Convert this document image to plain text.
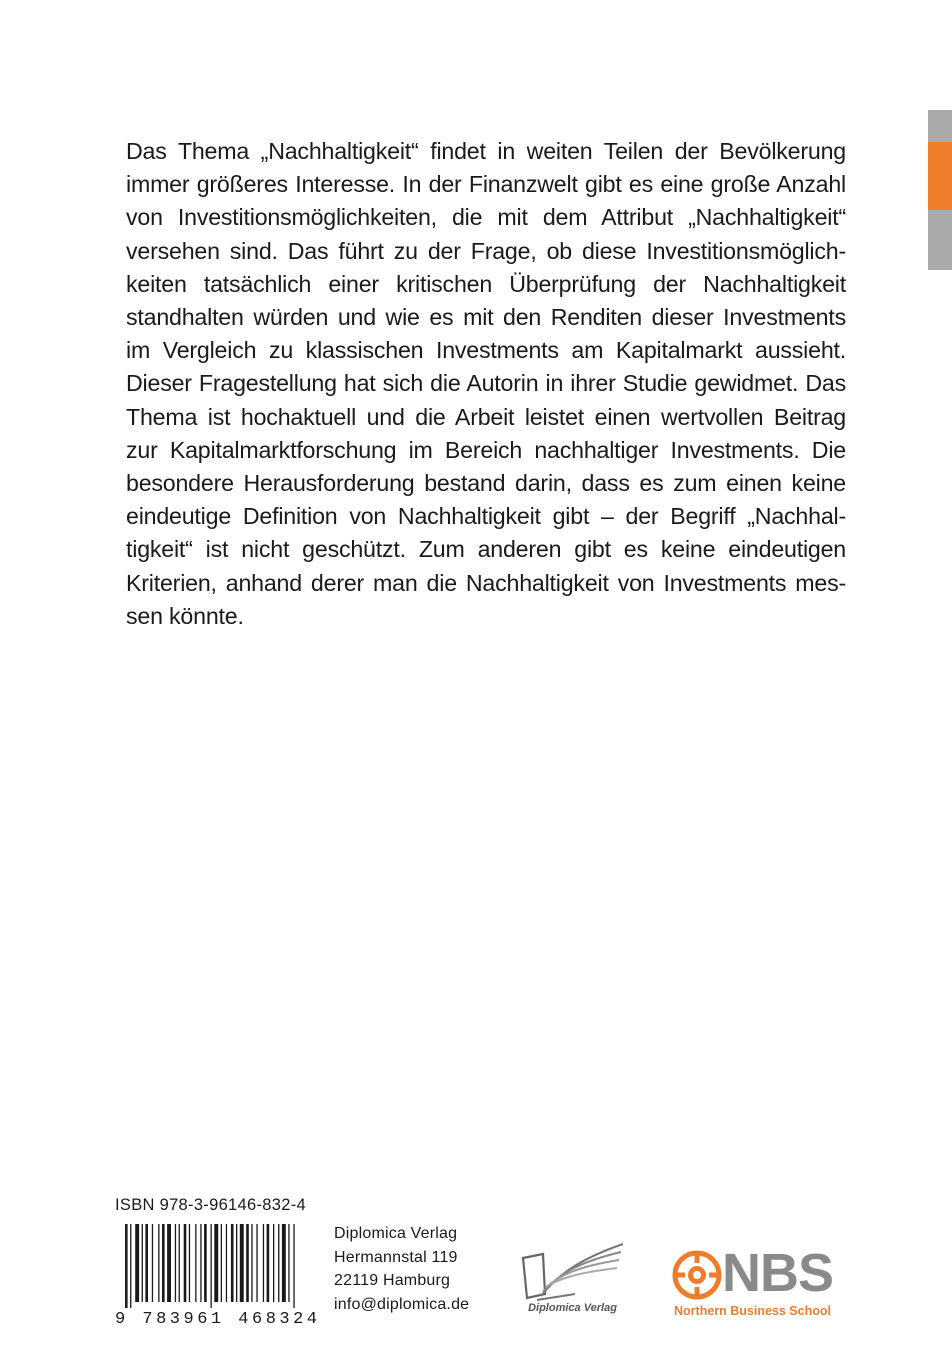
Das Thema „Nachhaltigkeit“ findet in weiten Teilen der Bevölkerung

immer größeres Interesse. In der Finanzwelt gibt es eine große Anzahl

von Investitionsmöglichkeiten, die mit dem Attribut „Nachhaltigkeit“

versehen sind. Das führt zu der Frage, ob diese Investitionsmöglich-

keiten tatsächlich einer kritischen Überprüfung der Nachhaltigkeit

standhalten würden und wie es mit den Renditen dieser Investments

im Vergleich zu klassischen Investments am Kapitalmarkt aussieht.

Dieser Fragestellung hat sich die Autorin in ihrer Studie gewidmet. Das

Thema ist hochaktuell und die Arbeit leistet einen wertvollen Beitrag

zur Kapitalmarktforschung im Bereich nachhaltiger Investments. Die

besondere Herausforderung bestand darin, dass es zum einen keine

eindeutige Definition von Nachhaltigkeit gibt – der Begriff „Nachhal-

tigkeit“ ist nicht geschützt. Zum anderen gibt es keine eindeutigen

Kriterien, anhand derer man die Nachhaltigkeit von Investments mes-

sen könnte.

ISBN 978-3-96146-832-4
9 783961 468324
Diplomica Verlag
Hermannstal 119
22119 Hamburg
info@diplomica.de	Diplomica Verlag
NBS
Northern Business School
